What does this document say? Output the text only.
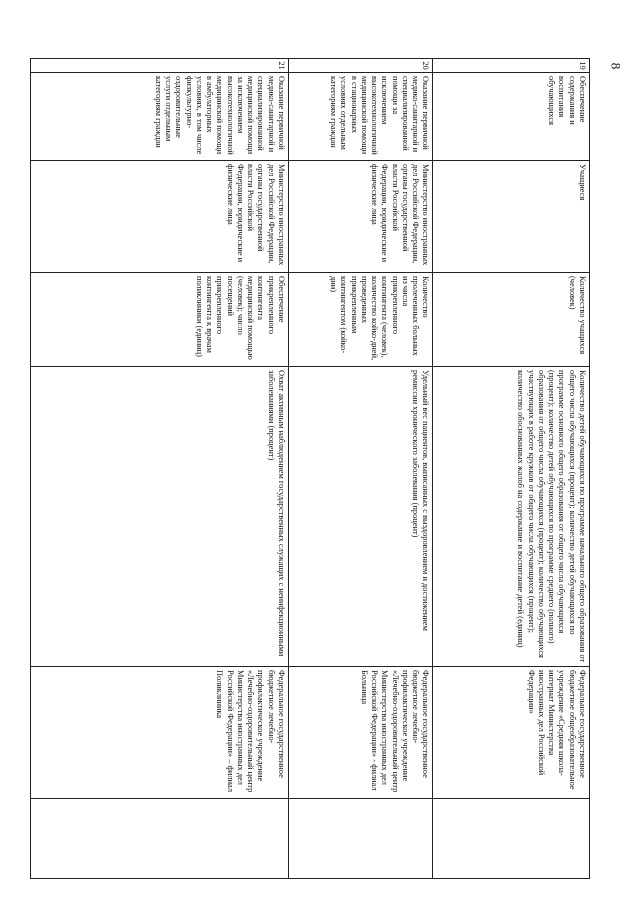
8
19	Обеспечение содержания и воспитания обучающихся	Учащиеся	Количество учащихся (человек)	Количество детей обучающихся по программе начального общего образования от общего числа обучающихся (процент); количество детей обучающихся по программе основного общего образования от общего числа обучающихся (процент); количество детей обучающихся по программе среднего (полного) образования от общего числа обучающихся (процент); количество обучающихся участвующих в работе кружков от общего числа обучающихся (процент); количество обоснованных жалоб на содержание и воспитание детей (единиц)	Федеральное государственное бюджетное общеобразовательное учреждение «Средняя школа-интернат Министерства иностранных дел Российской Федерации»	
20	Оказание первичной медико-санитарной и специализированной помощи за исключением высокотехнологичной медицинской помощи в стационарных условиях отдельным категориям граждан	Министерство иностранных дел Российской Федерации, органы государственной власти Российской Федерации, юридические и физические лица	Количество пролеченных больных из числа прикрепленного контингента (человек), количество койко-дней, проведенных прикрепленным контингентом (койко-дни)	Удельный вес пациентов, выписанных с выздоровлением и достижением ремиссии хронического заболевания (процент)	Федеральное государственное бюджетное лечебно-профилактическое учреждение «Лечебно-оздоровительный центр Министерства иностранных дел Российской Федерации» - филиал Больница	
21	Оказание первичной медико-санитарной и специализированной медицинской помощи за исключением высокотехнологичной медицинской помощи в амбулаторных условиях, в том числе физкультурно-оздоровительные услуги отдельным категориям граждан	Министерство иностранных дел Российской Федерации, органы государственной власти Российской Федерации, юридические и физические лица	Обеспечение прикрепленного контингента медицинской помощью (человек); число посещений прикрепленного контингента к врачам поликлиники (единиц)	Охват активным наблюдением государственных служащих с неинфекционными заболеваниями (процент)	Федеральное государственное бюджетное лечебно-профилактическое учреждение «Лечебно-оздоровительный центр Министерства иностранных дел Российской Федерации» – филиал Поликлиника	
